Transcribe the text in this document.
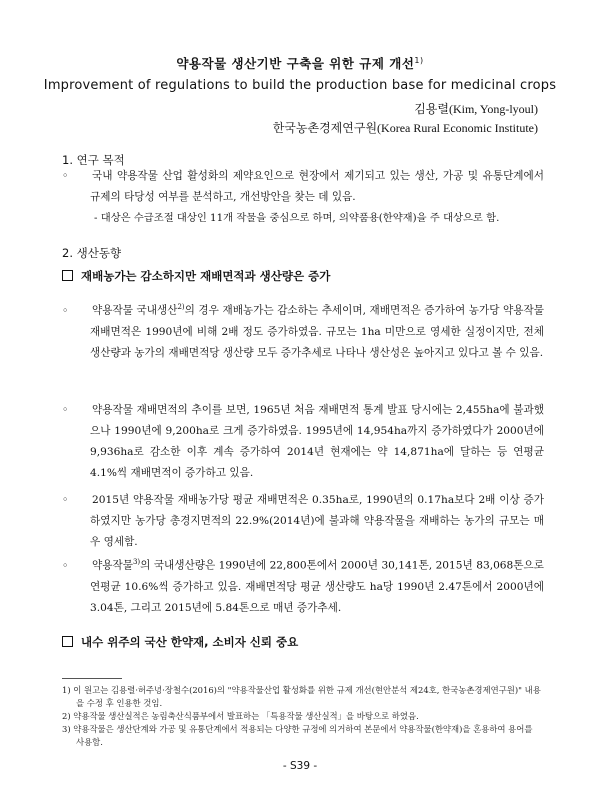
약용작물 생산기반 구축을 위한 규제 개선$^{1)}$
Improvement of regulations to build the production base for medicinal crops
김용렬(Kim, Yong-lyoul)
한국농촌경제연구원(Korea Rural Economic Institute)
1. 연구 목적
◦ 국내 약용작물 산업 활성화의 제약요인으로 현장에서 제기되고 있는 생산, 가공 및 유통단계에서 규제의 타당성 여부를 분석하고, 개선방안을 찾는 데 있음.
- 대상은 수급조절 대상인 11개 작물을 중심으로 하며, 의약품용(한약재)을 주 대상으로 함.
2. 생산동향
재배농가는 감소하지만 재배면적과 생산량은 증가
◦ 약용작물 국내생산$^{2)}$의 경우 재배농가는 감소하는 추세이며, 재배면적은 증가하여 농가당 약용작물 재배면적은 1990년에 비해 2배 정도 증가하였음. 규모는 1ha 미만으로 영세한 실정이지만, 전체 생산량과 농가의 재배면적당 생산량 모두 증가추세로 나타나 생산성은 높아지고 있다고 볼 수 있음.
◦ 약용작물 재배면적의 추이를 보면, 1965년 처음 재배면적 통계 발표 당시에는 2,455ha에 불과했으나 1990년에 9,200ha로 크게 증가하였음. 1995년에 14,954ha까지 증가하였다가 2000년에 9,936ha로 감소한 이후 계속 증가하여 2014년 현재에는 약 14,871ha에 달하는 등 연평균 4.1%씩 재배면적이 증가하고 있음.
◦ 2015년 약용작물 재배농가당 평균 재배면적은 0.35ha로, 1990년의 0.17ha보다 2배 이상 증가하였지만 농가당 총경지면적의 22.9%(2014년)에 불과해 약용작물을 재배하는 농가의 규모는 매우 영세함.
◦ 약용작물$^{3)}$의 국내생산량은 1990년에 22,800톤에서 2000년 30,141톤, 2015년 83,068톤으로 연평균 10.6%씩 증가하고 있음. 재배면적당 평균 생산량도 ha당 1990년 2.47톤에서 2000년에 3.04톤, 그리고 2015년에 5.84톤으로 매년 증가추세.
내수 위주의 국산 한약재, 소비자 신뢰 중요
1) 이 원고는 김용렬·허주녕·장철수(2016)의 "약용작물산업 활성화를 위한 규제 개선(현안분석 제24호, 한국농촌경제연구원)" 내용을 수정 후 인용한 것임.
2) 약용작물 생산실적은 농림축산식품부에서 발표하는 「특용작물 생산실적」을 바탕으로 하였음.
3) 약용작물은 생산단계와 가공 및 유통단계에서 적용되는 다양한 규정에 의거하여 본문에서 약용작물(한약재)을 혼용하여 용어를 사용함.
- S39 -
